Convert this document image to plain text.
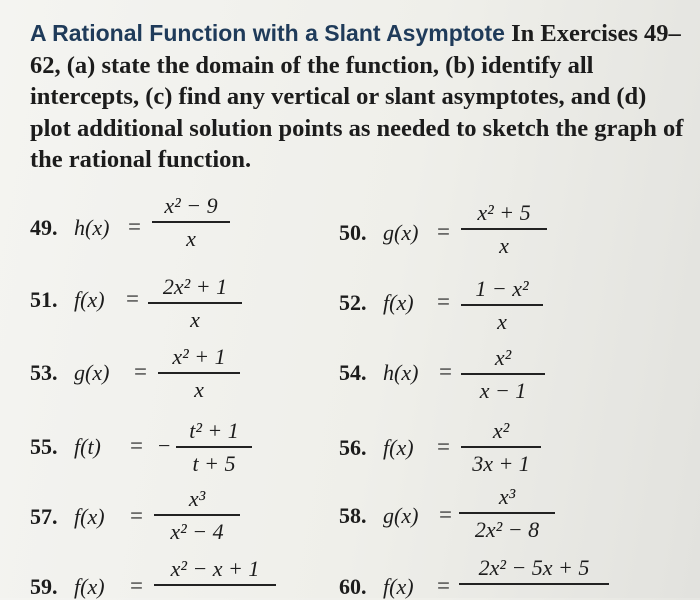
A Rational Function with a Slant Asymptote In Exercises 49–62, (a) state the domain of the function, (b) identify all intercepts, (c) find any vertical or slant asymptotes, and (d) plot additional solution points as needed to sketch the graph of the rational function.
49. h(x) =
x² − 9
x
51. f(x) =	2x² + 1
x
53. g(x) =
x² + 1
x
55. f(t) = −
t² + 1
t + 5
57. f(x) =
x³
x² − 4
59. f(x) =
x² − x + 1
50. g(x) =
x² + 5
x
52. f(x) =
1 − x²
x
54. h(x) =
x²
x − 1
56. f(x) =
x²
3x + 1
58. g(x) =
x³
2x² − 8
60. f(x) =
2x² − 5x + 5
